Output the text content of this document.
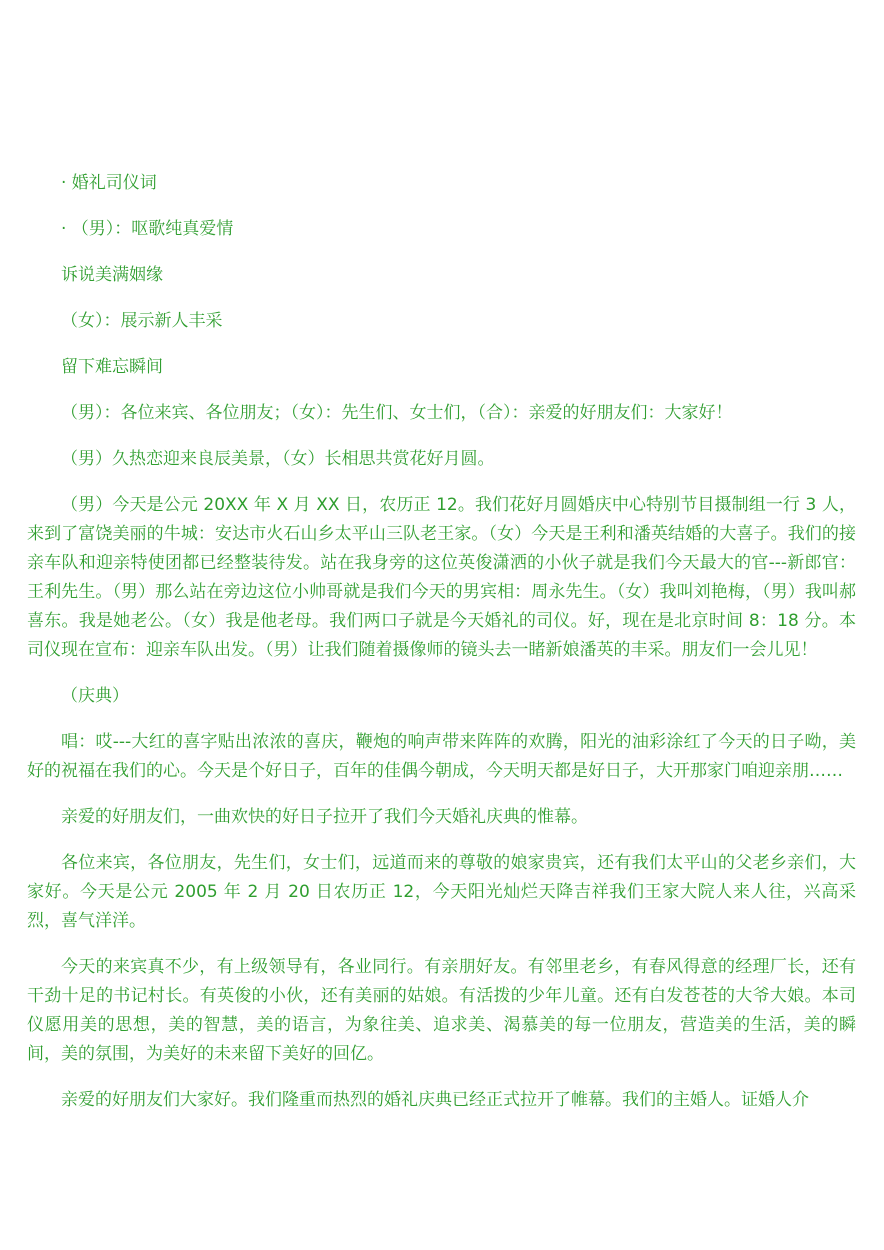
· 婚礼司仪词

· （男）：呕歌纯真爱情

诉说美满姻缘

（女）：展示新人丰采

留下难忘瞬间

（男）：各位来宾、各位朋友；（女）：先生们、女士们，（合）：亲爱的好朋友们：大家好！

（男）久热恋迎来良辰美景，（女）长相思共赏花好月圆。

（男）今天是公元 20XX 年 X 月 XX 日，农历正 12。我们花好月圆婚庆中心特别节目摄制组一行 3 人，来到了富饶美丽的牛城：安达市火石山乡太平山三队老王家。（女）今天是王利和潘英结婚的大喜子。我们的接亲车队和迎亲特使团都已经整装待发。站在我身旁的这位英俊潇洒的小伙子就是我们今天最大的官---新郎官：王利先生。（男）那么站在旁边这位小帅哥就是我们今天的男宾相：周永先生。（女）我叫刘艳梅，（男）我叫郝喜东。我是她老公。（女）我是他老母。我们两口子就是今天婚礼的司仪。好，现在是北京时间 8：18 分。本司仪现在宣布：迎亲车队出发。（男）让我们随着摄像师的镜头去一睹新娘潘英的丰采。朋友们一会儿见！

（庆典）

唱：哎---大红的喜字贴出浓浓的喜庆，鞭炮的响声带来阵阵的欢腾，阳光的油彩涂红了今天的日子呦，美好的祝福在我们的心。今天是个好日子，百年的佳偶今朝成，今天明天都是好日子，大开那家门咱迎亲朋……

亲爱的好朋友们，一曲欢快的好日子拉开了我们今天婚礼庆典的惟幕。

各位来宾，各位朋友，先生们，女士们，远道而来的尊敬的娘家贵宾，还有我们太平山的父老乡亲们，大家好。今天是公元 2005 年 2 月 20 日农历正 12，今天阳光灿烂天降吉祥我们王家大院人来人往，兴高采烈，喜气洋洋。

今天的来宾真不少，有上级领导有，各业同行。有亲朋好友。有邻里老乡，有春风得意的经理厂长，还有干劲十足的书记村长。有英俊的小伙，还有美丽的姑娘。有活拨的少年儿童。还有白发苍苍的大爷大娘。本司仪愿用美的思想，美的智慧，美的语言，为象往美、追求美、渴慕美的每一位朋友，营造美的生活，美的瞬间，美的氛围，为美好的未来留下美好的回亿。

亲爱的好朋友们大家好。我们隆重而热烈的婚礼庆典已经正式拉开了帷幕。我们的主婚人。证婚人介
